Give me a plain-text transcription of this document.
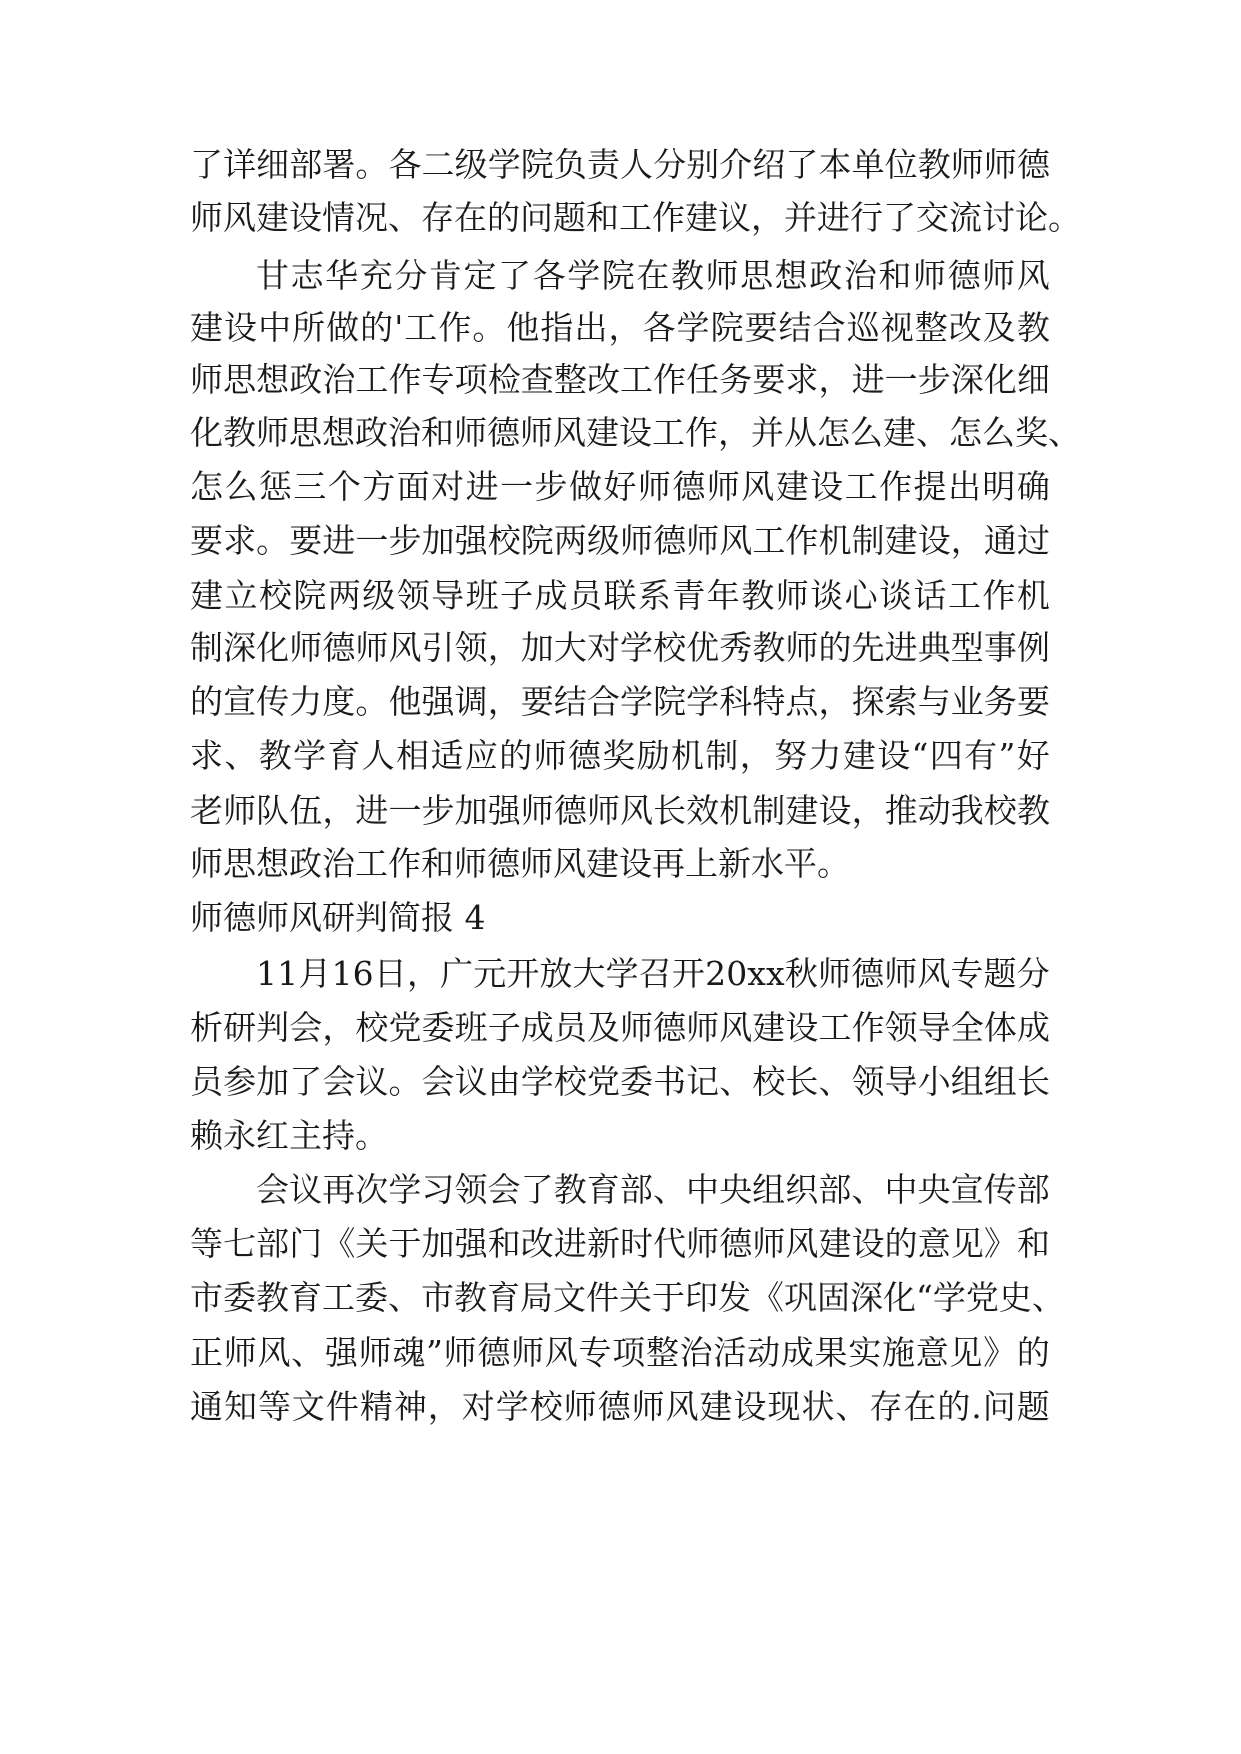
了 详 细 部 署 。 各 二 级 学 院 负 责 人 分 别 介 绍 了 本 单 位 教 师 师 德
师 风 建 设 情 况 、 存 在 的 问 题 和 工 作 建 议 ， 并 进 行 了 交 流 讨 论 。
甘 志 华 充 分 肯 定 了 各 学 院 在 教 师 思 想 政 治 和 师 德 师 风
建 设 中 所 做 的 ' 工 作 。 他 指 出 ， 各 学 院 要 结 合 巡 视 整 改 及 教
师 思 想 政 治 工 作 专 项 检 查 整 改 工 作 任 务 要 求 ， 进 一 步 深 化 细
化 教 师 思 想 政 治 和 师 德 师 风 建 设 工 作 ， 并 从 怎 么 建 、 怎 么 奖 、
怎 么 惩 三 个 方 面 对 进 一 步 做 好 师 德 师 风 建 设 工 作 提 出 明 确
要 求 。 要 进 一 步 加 强 校 院 两 级 师 德 师 风 工 作 机 制 建 设 ， 通 过
建 立 校 院 两 级 领 导 班 子 成 员 联 系 青 年 教 师 谈 心 谈 话 工 作 机
制 深 化 师 德 师 风 引 领 ， 加 大 对 学 校 优 秀 教 师 的 先 进 典 型 事 例
的 宣 传 力 度 。 他 强 调 ， 要 结 合 学 院 学 科 特 点 ， 探 索 与 业 务 要
求 、 教 学 育 人 相 适 应 的 师 德 奖 励 机 制 ， 努 力 建 设 “ 四 有 ” 好
老 师 队 伍 ， 进 一 步 加 强 师 德 师 风 长 效 机 制 建 设 ， 推 动 我 校 教
师思想政治工作和师德师风建设再上新水平。
师德师风研判简报 4
1 1 月 1 6 日 ， 广 元 开 放 大 学 召 开 2 0 x x 秋 师 德 师 风 专 题 分
析 研 判 会 ， 校 党 委 班 子 成 员 及 师 德 师 风 建 设 工 作 领 导 全 体 成
员 参 加 了 会 议 。 会 议 由 学 校 党 委 书 记 、 校 长 、 领 导 小 组 组 长
赖永红主持。
会 议 再 次 学 习 领 会 了 教 育 部 、 中 央 组 织 部 、 中 央 宣 传 部
等 七 部 门 《 关 于 加 强 和 改 进 新 时 代 师 德 师 风 建 设 的 意 见 》 和
市 委 教 育 工 委 、 市 教 育 局 文 件 关 于 印 发 《 巩 固 深 化 “ 学 党 史 、
正 师 风 、 强 师 魂 ” 师 德 师 风 专 项 整 治 活 动 成 果 实 施 意 见 》 的
通 知 等 文 件 精 神 ， 对 学 校 师 德 师 风 建 设 现 状 、 存 在 的 . 问 题
